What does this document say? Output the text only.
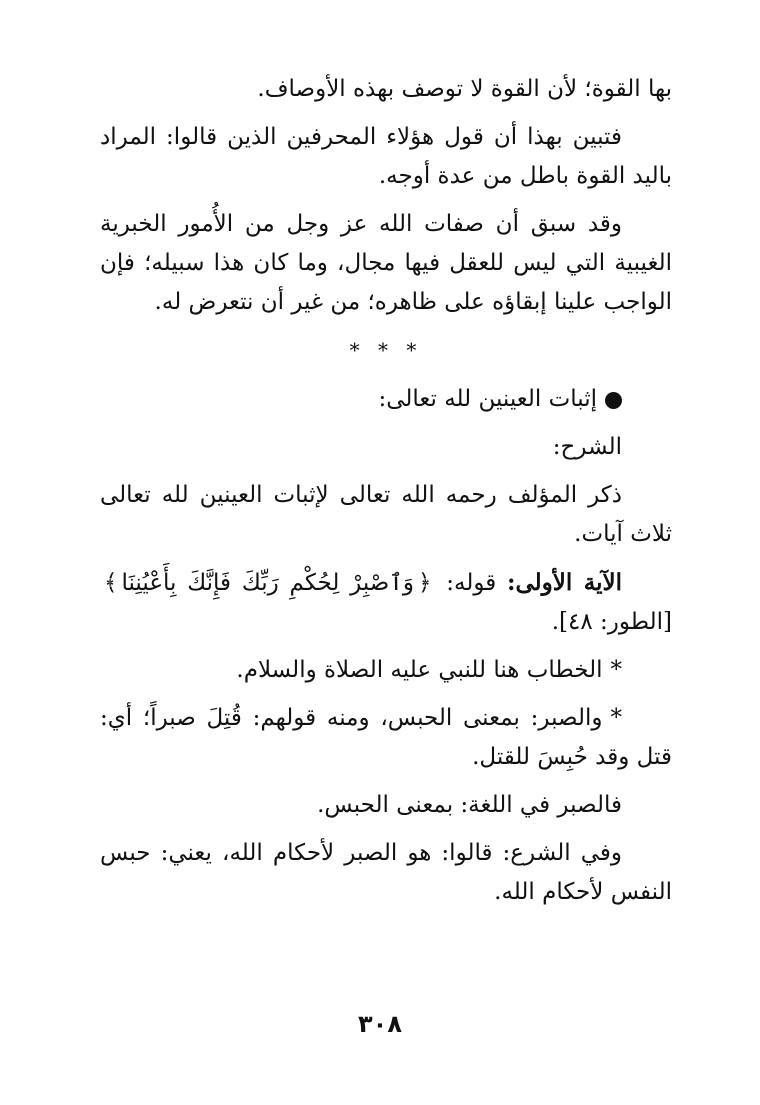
بها القوة؛ لأن القوة لا توصف بهذه الأوصاف.

فتبين بهذا أن قول هؤلاء المحرفين الذين قالوا: المراد باليد القوة باطل من عدة أوجه.

وقد سبق أن صفات الله عز وجل من الأُمور الخبرية الغيبية التي ليس للعقل فيها مجال، وما كان هذا سبيله؛ فإن الواجب علينا إبقاؤه على ظاهره؛ من غير أن نتعرض له.

* * *

إثبات العينين لله تعالى:

الشرح:

ذكر المؤلف رحمه الله تعالى لإثبات العينين لله تعالى ثلاث آيات.

الآية الأولى: قوله: ﴿وَٱصْبِرْ لِحُكْمِ رَبِّكَ فَإِنَّكَ بِأَعْيُنِنَا﴾ [الطور: ٤٨].

*الخطاب هنا للنبي عليه الصلاة والسلام.

*والصبر: بمعنى الحبس، ومنه قولهم: قُتِلَ صبراً؛ أي: قتل وقد حُبِسَ للقتل.

فالصبر في اللغة: بمعنى الحبس.

وفي الشرع: قالوا: هو الصبر لأحكام الله، يعني: حبس النفس لأحكام الله.

٣٠٨
